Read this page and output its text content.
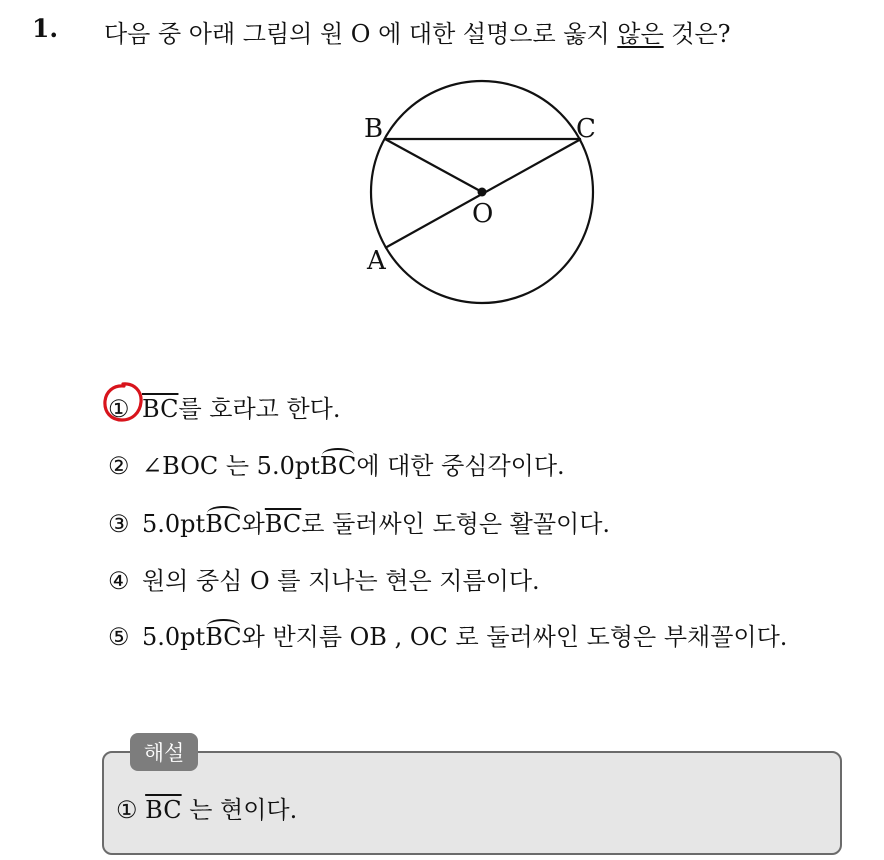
1. 다음 중 아래 그림의 원 O 에 대한 설명으로 옳지 않은 것은?
B	C
O
A
① $\overline{BC}$ 를 호라고 한다.
② ∠BOC 는 5.0pt BC 에 대한 중심각이다.
③ 5.0pt BC 와 $\overline{BC}$ 로 둘러싸인 도형은 활꼴이다.
④ 원의 중심 O 를 지나는 현은 지름이다.
⑤ 5.0pt BC 와 반지름 OB , OC 로 둘러싸인 도형은 부채꼴이다.
해설
① $\overline{BC}$ 는 현이다.
